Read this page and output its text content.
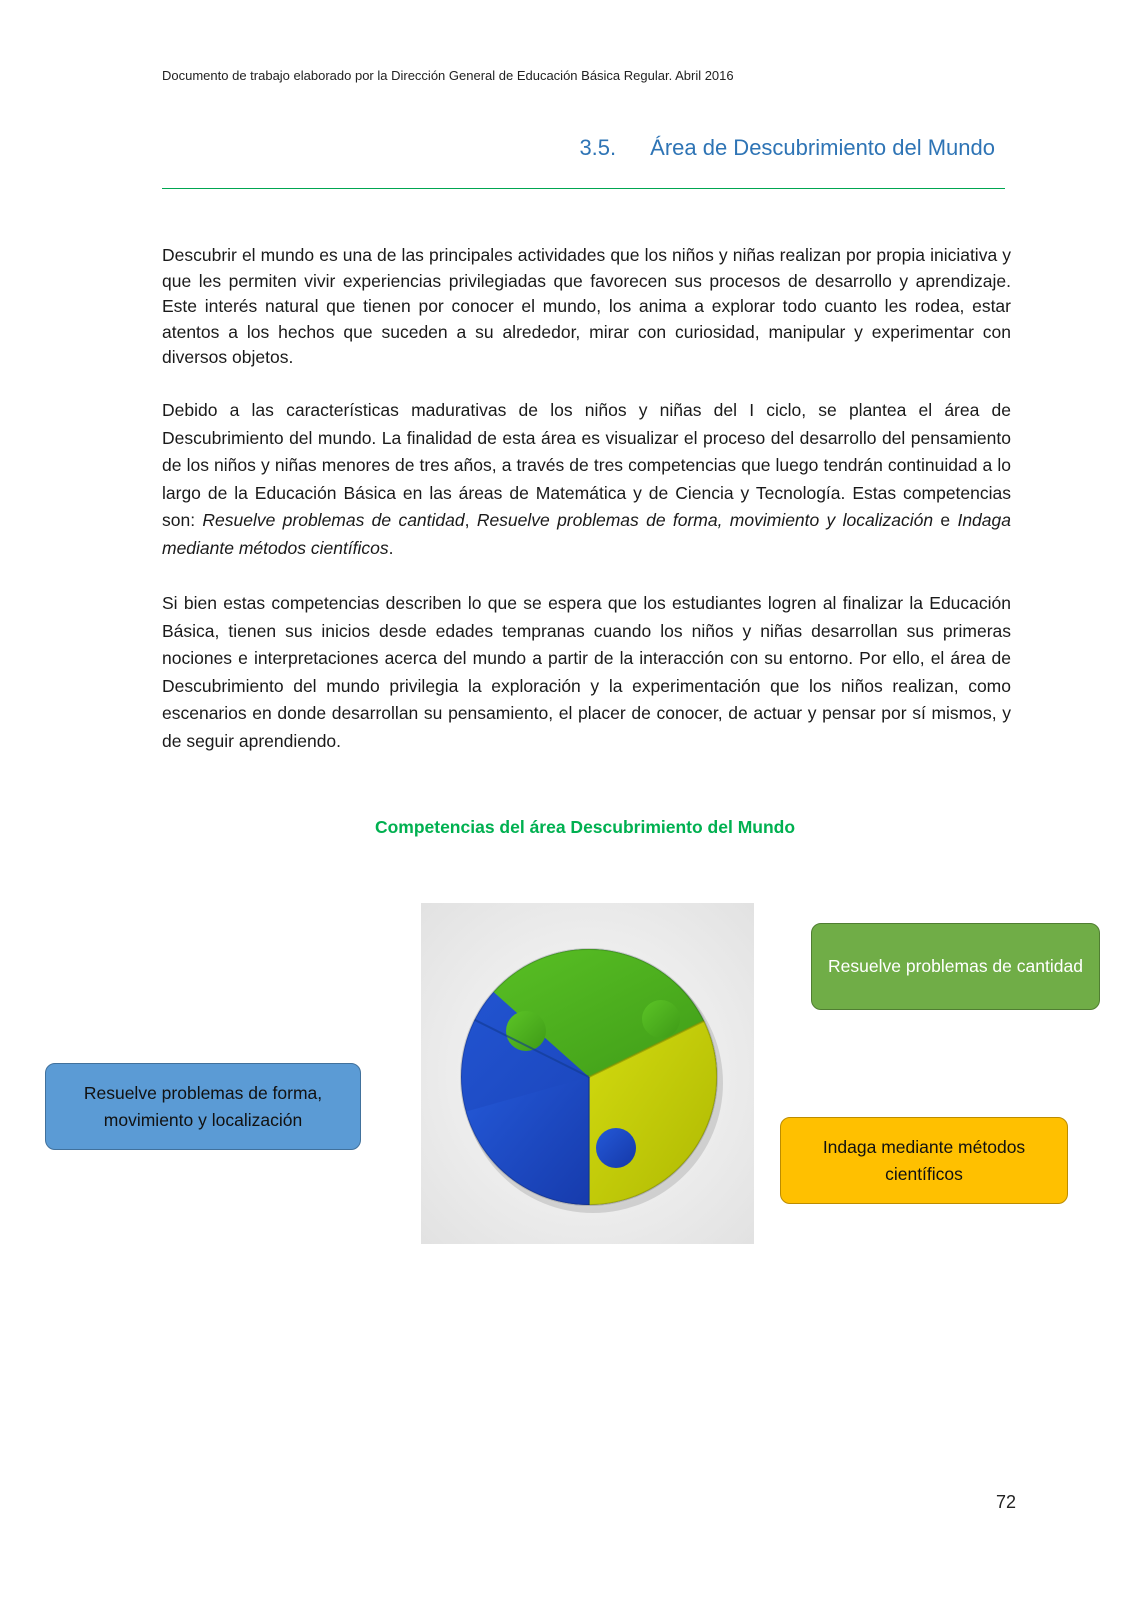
Documento de trabajo elaborado por la Dirección General de Educación Básica Regular. Abril 2016
3.5. Área de Descubrimiento del Mundo

Descubrir el mundo es una de las principales actividades que los niños y niñas realizan por propia iniciativa y que les permiten vivir experiencias privilegiadas que favorecen sus procesos de desarrollo y aprendizaje. Este interés natural que tienen por conocer el mundo, los anima a explorar todo cuanto les rodea, estar atentos a los hechos que suceden a su alrededor, mirar con curiosidad, manipular y experimentar con diversos objetos.

Debido a las características madurativas de los niños y niñas del I ciclo, se plantea el área de Descubrimiento del mundo. La finalidad de esta área es visualizar el proceso del desarrollo del pensamiento de los niños y niñas menores de tres años, a través de tres competencias que luego tendrán continuidad a lo largo de la Educación Básica en las áreas de Matemática y de Ciencia y Tecnología. Estas competencias son: Resuelve problemas de cantidad, Resuelve problemas de forma, movimiento y localización e Indaga mediante métodos científicos.

Si bien estas competencias describen lo que se espera que los estudiantes logren al finalizar la Educación Básica, tienen sus inicios desde edades tempranas cuando los niños y niñas desarrollan sus primeras nociones e interpretaciones acerca del mundo a partir de la interacción con su entorno. Por ello, el área de Descubrimiento del mundo privilegia la exploración y la experimentación que los niños realizan, como escenarios en donde desarrollan su pensamiento, el placer de conocer, de actuar y pensar por sí mismos, y de seguir aprendiendo.

Competencias del área Descubrimiento del Mundo
Resuelve problemas de cantidad
Resuelve problemas de forma, movimiento y localización
Indaga mediante métodos científicos
72
